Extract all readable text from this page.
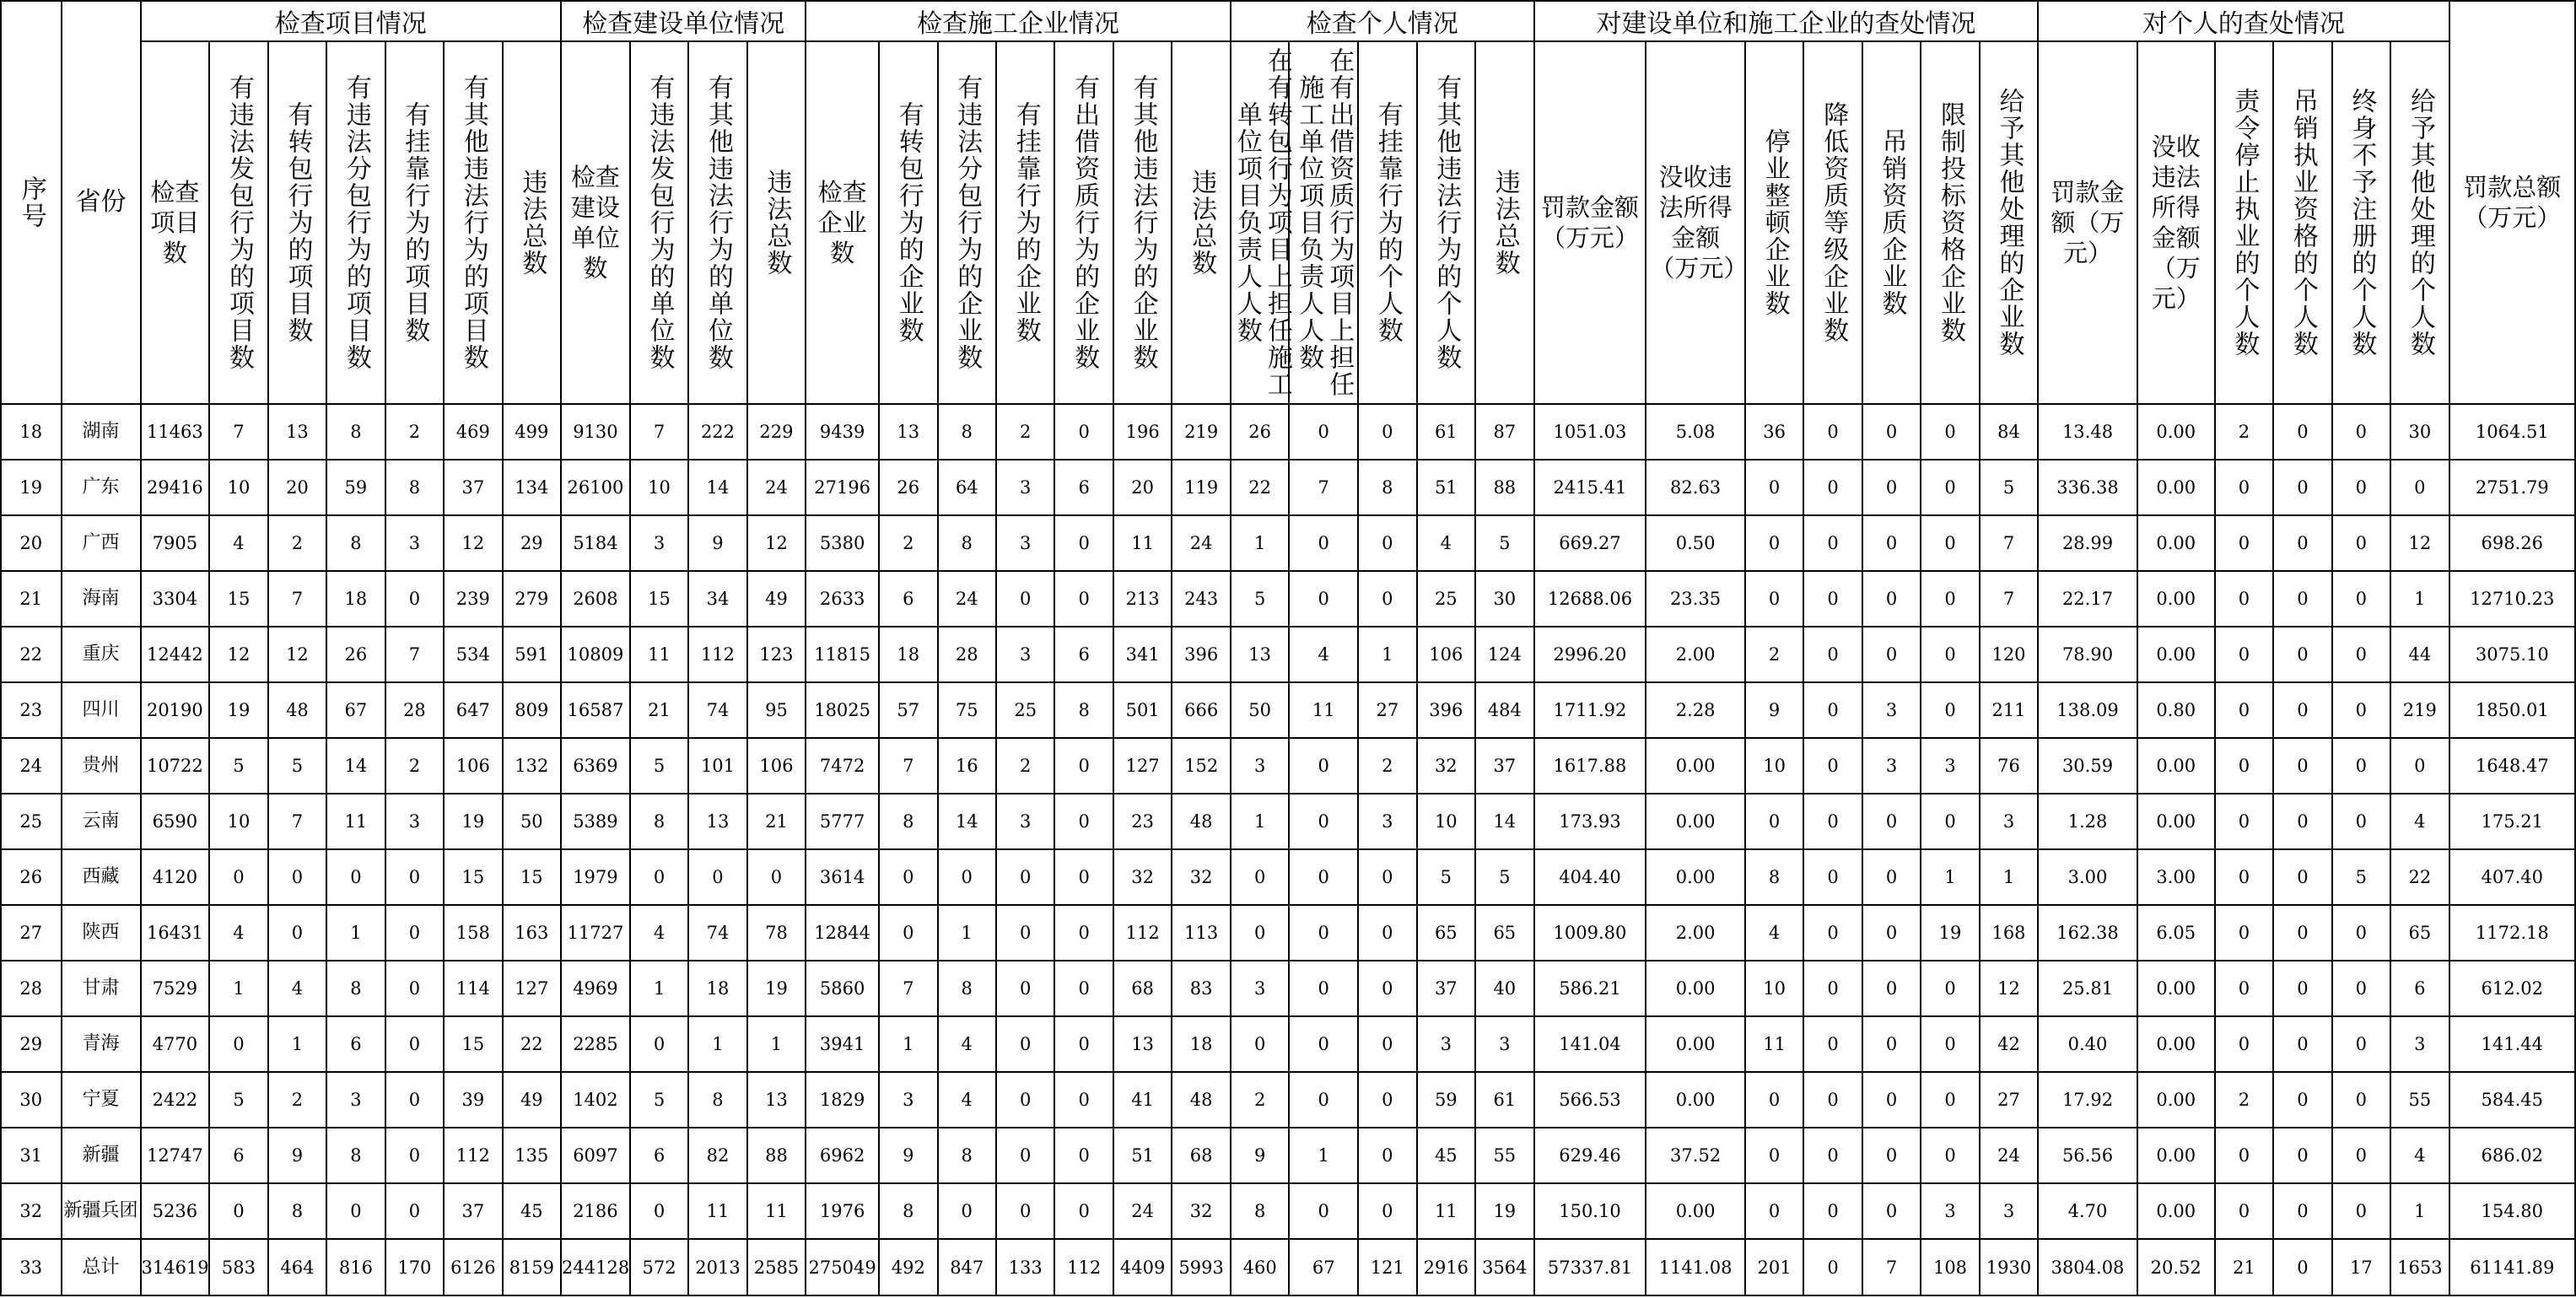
序号	省份	检查项目情况							检查建设单位情况				检查施工企业情况							检查个人情况					对建设单位和施工企业的查处情况							对个人的查处情况						罚款总额（万元）

		检查项目数	有违法发包行为的项目数	有转包行为的项目数	有违法分包行为的项目数	有挂靠行为的项目数	有其他违法行为的项目数	违法总数	检查建设单位数	有违法发包行为的单位数	有其他违法行为的单位数	违法总数	检查企业数	有转包行为的企业数	有违法分包行为的企业数	有挂靠行为的企业数	有出借资质行为的企业数	有其他违法行为的企业数	违法总数	在有转包行为项目上担任施工单位项目负责人人数	在有出借资质行为项目上担任施工单位项目负责人人数	有挂靠行为的个人数	有其他违法行为的个人数	违法总数	罚款金额（万元）	没收违法所得金额（万元）	停业整顿企业数	降低资质等级企业数	吊销资质企业数	限制投标资格企业数	给予其他处理的企业数	罚款金额（万元）	没收违法所得金额（万元）	责令停止执业的个人数	吊销执业资格的个人数	终身不予注册的个人数	给予其他处理的个人数	

18	湖南	11463	7	13	8	2	469	499	9130	7	222	229	9439	13	8	2	0	196	219	26	0	0	61	87	1051.03	5.08	36	0	0	0	84	13.48	0.00	2	0	0	30	1064.51
19	广东	29416	10	20	59	8	37	134	26100	10	14	24	27196	26	64	3	6	20	119	22	7	8	51	88	2415.41	82.63	0	0	0	0	5	336.38	0.00	0	0	0	0	2751.79
20	广西	7905	4	2	8	3	12	29	5184	3	9	12	5380	2	8	3	0	11	24	1	0	0	4	5	669.27	0.50	0	0	0	0	7	28.99	0.00	0	0	0	12	698.26
21	海南	3304	15	7	18	0	239	279	2608	15	34	49	2633	6	24	0	0	213	243	5	0	0	25	30	12688.06	23.35	0	0	0	0	7	22.17	0.00	0	0	0	1	12710.23
22	重庆	12442	12	12	26	7	534	591	10809	11	112	123	11815	18	28	3	6	341	396	13	4	1	106	124	2996.20	2.00	2	0	0	0	120	78.90	0.00	0	0	0	44	3075.10
23	四川	20190	19	48	67	28	647	809	16587	21	74	95	18025	57	75	25	8	501	666	50	11	27	396	484	1711.92	2.28	9	0	3	0	211	138.09	0.80	0	0	0	219	1850.01
24	贵州	10722	5	5	14	2	106	132	6369	5	101	106	7472	7	16	2	0	127	152	3	0	2	32	37	1617.88	0.00	10	0	3	3	76	30.59	0.00	0	0	0	0	1648.47
25	云南	6590	10	7	11	3	19	50	5389	8	13	21	5777	8	14	3	0	23	48	1	0	3	10	14	173.93	0.00	0	0	0	0	3	1.28	0.00	0	0	0	4	175.21
26	西藏	4120	0	0	0	0	15	15	1979	0	0	0	3614	0	0	0	0	32	32	0	0	0	5	5	404.40	0.00	8	0	0	1	1	3.00	3.00	0	0	5	22	407.40
27	陕西	16431	4	0	1	0	158	163	11727	4	74	78	12844	0	1	0	0	112	113	0	0	0	65	65	1009.80	2.00	4	0	0	19	168	162.38	6.05	0	0	0	65	1172.18
28	甘肃	7529	1	4	8	0	114	127	4969	1	18	19	5860	7	8	0	0	68	83	3	0	0	37	40	586.21	0.00	10	0	0	0	12	25.81	0.00	0	0	0	6	612.02
29	青海	4770	0	1	6	0	15	22	2285	0	1	1	3941	1	4	0	0	13	18	0	0	0	3	3	141.04	0.00	11	0	0	0	42	0.40	0.00	0	0	0	3	141.44
30	宁夏	2422	5	2	3	0	39	49	1402	5	8	13	1829	3	4	0	0	41	48	2	0	0	59	61	566.53	0.00	0	0	0	0	27	17.92	0.00	2	0	0	55	584.45
31	新疆	12747	6	9	8	0	112	135	6097	6	82	88	6962	9	8	0	0	51	68	9	1	0	45	55	629.46	37.52	0	0	0	0	24	56.56	0.00	0	0	0	4	686.02
32	新疆兵团	5236	0	8	0	0	37	45	2186	0	11	11	1976	8	0	0	0	24	32	8	0	0	11	19	150.10	0.00	0	0	0	3	3	4.70	0.00	0	0	0	1	154.80
33	总计	314619	583	464	816	170	6126	8159	244128	572	2013	2585	275049	492	847	133	112	4409	5993	460	67	121	2916	3564	57337.81	1141.08	201	0	7	108	1930	3804.08	20.52	21	0	17	1653	61141.89
